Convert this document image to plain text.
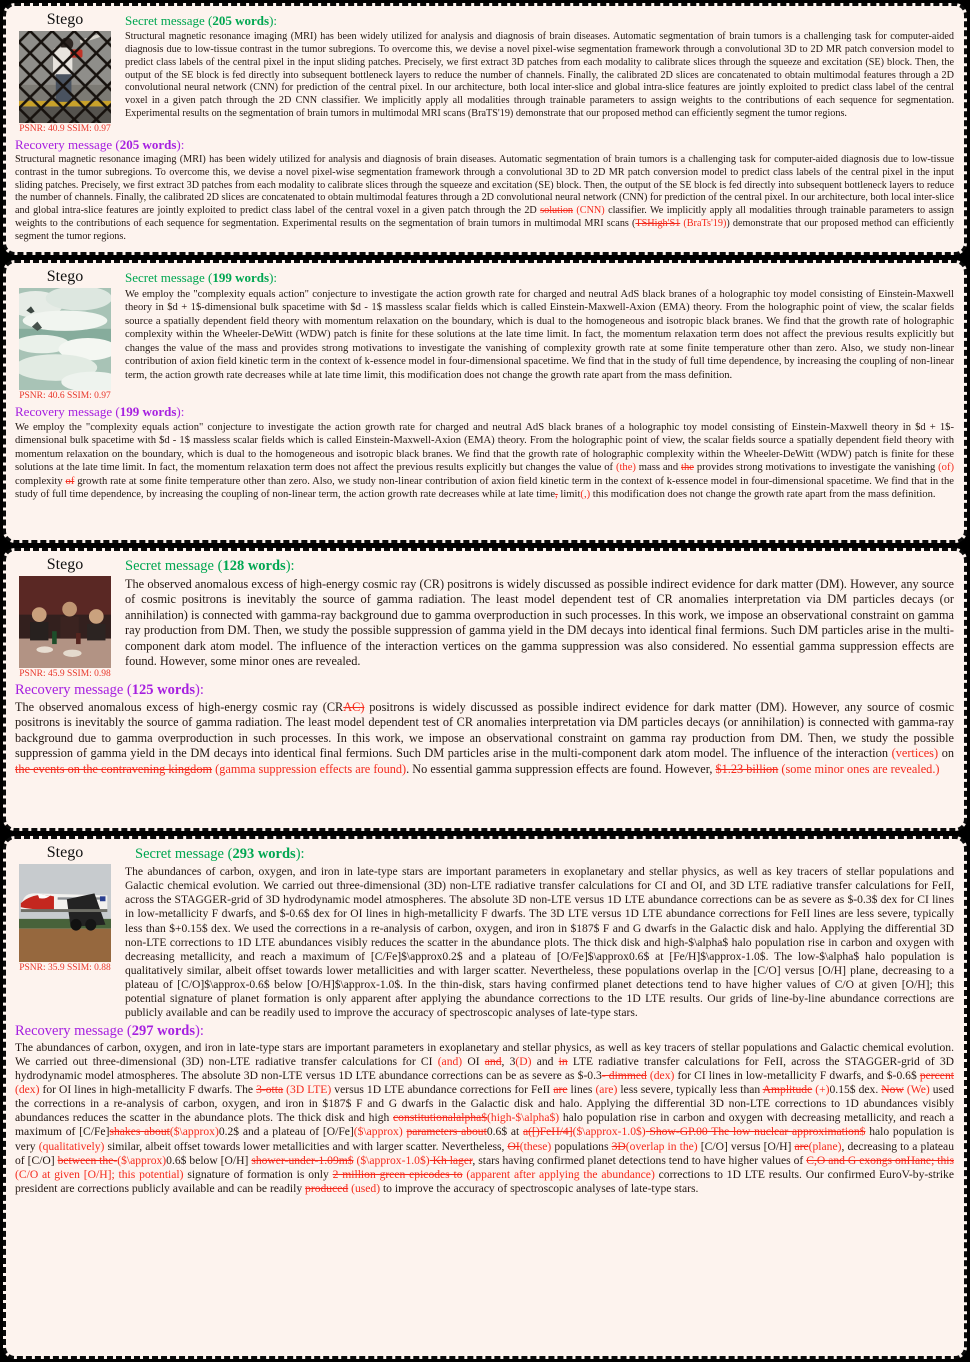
Stego
PSNR: 40.9 SSIM: 0.97
Secret message (205 words):
Structural magnetic resonance imaging (MRI) has been widely utilized for analysis and diagnosis of brain diseases. Automatic segmentation of brain tumors is a challenging task for computer-aided diagnosis due to low-tissue contrast in the tumor subregions. To overcome this, we devise a novel pixel-wise segmentation framework through a convolutional 3D to 2D MR patch conversion model to predict class labels of the central pixel in the input sliding patches. Precisely, we first extract 3D patches from each modality to calibrate slices through the squeeze and excitation (SE) block. Then, the output of the SE block is fed directly into subsequent bottleneck layers to reduce the number of channels. Finally, the calibrated 2D slices are concatenated to obtain multimodal features through a 2D convolutional neural network (CNN) for prediction of the central pixel. In our architecture, both local inter-slice and global intra-slice features are jointly exploited to predict class label of the central voxel in a given patch through the 2D CNN classifier. We implicitly apply all modalities through trainable parameters to assign weights to the contributions of each sequence for segmentation. Experimental results on the segmentation of brain tumors in multimodal MRI scans (BraTS'19) demonstrate that our proposed method can efficiently segment the tumor regions.
Recovery message (205 words):
Structural magnetic resonance imaging (MRI) has been widely utilized for analysis and diagnosis of brain diseases. Automatic segmentation of brain tumors is a challenging task for computer-aided diagnosis due to low-tissue contrast in the tumor subregions. To overcome this, we devise a novel pixel-wise segmentation framework through a convolutional 3D to 2D MR patch conversion model to predict class labels of the central pixel in the input sliding patches. Precisely, we first extract 3D patches from each modality to calibrate slices through the squeeze and excitation (SE) block. Then, the output of the SE block is fed directly into subsequent bottleneck layers to reduce the number of channels. Finally, the calibrated 2D slices are concatenated to obtain multimodal features through a 2D convolutional neural network (CNN) for prediction of the central pixel. In our architecture, both local inter-slice and global intra-slice features are jointly exploited to predict class label of the central voxel in a given patch through the 2D solution (CNN) classifier. We implicitly apply all modalities through trainable parameters to assign weights to the contributions of each sequence for segmentation. Experimental results on the segmentation of brain tumors in multimodal MRI scans (TSHigh'S1 (BraTs'19)) demonstrate that our proposed method can efficiently segment the tumor regions.
Stego
PSNR: 40.6 SSIM: 0.97
Secret message (199 words):
We employ the "complexity equals action" conjecture to investigate the action growth rate for charged and neutral AdS black branes of a holographic toy model consisting of Einstein-Maxwell theory in $d + 1$-dimensional bulk spacetime with $d - 1$ massless scalar fields which is called Einstein-Maxwell-Axion (EMA) theory. From the holographic point of view, the scalar fields source a spatially dependent field theory with momentum relaxation on the boundary, which is dual to the homogeneous and isotropic black branes. We find that the growth rate of holographic complexity within the Wheeler-DeWitt (WDW) patch is finite for these solutions at the late time limit. In fact, the momentum relaxation term does not affect the previous results explicitly but changes the value of the mass and provides strong motivations to investigate the vanishing of complexity growth rate at some finite temperature other than zero. Also, we study non-linear contribution of axion field kinetic term in the context of k-essence model in four-dimensional spacetime. We find that in the study of full time dependence, by increasing the coupling of non-linear term, the action growth rate decreases while at late time limit, this modification does not change the growth rate apart from the mass definition.
Recovery message (199 words):
We employ the "complexity equals action" conjecture to investigate the action growth rate for charged and neutral AdS black branes of a holographic toy model consisting of Einstein-Maxwell theory in $d + 1$-dimensional bulk spacetime with $d - 1$ massless scalar fields which is called Einstein-Maxwell-Axion (EMA) theory. From the holographic point of view, the scalar fields source a spatially dependent field theory with momentum relaxation on the boundary, which is dual to the homogeneous and isotropic black branes. We find that the growth rate of holographic complexity within the Wheeler-DeWitt (WDW) patch is finite for these solutions at the late time limit. In fact, the momentum relaxation term does not affect the previous results explicitly but changes the value of (the) mass and the provides strong motivations to investigate the vanishing (of) complexity of growth rate at some finite temperature other than zero. Also, we study non-linear contribution of axion field kinetic term in the context of k-essence model in four-dimensional spacetime. We find that in the study of full time dependence, by increasing the coupling of non-linear term, the action growth rate decreases while at late time, limit(,) this modification does not change the growth rate apart from the mass definition.
Stego
PSNR: 45.9 SSIM: 0.98
Secret message (128 words):
The observed anomalous excess of high-energy cosmic ray (CR) positrons is widely discussed as possible indirect evidence for dark matter (DM). However, any source of cosmic positrons is inevitably the source of gamma radiation. The least model dependent test of CR anomalies interpretation via DM particles decays (or annihilation) is connected with gamma-ray background due to gamma overproduction in such processes. In this work, we impose an observational constraint on gamma ray production from DM. Then, we study the possible suppression of gamma yield in the DM decays into identical final fermions. Such DM particles arise in the multi-component dark atom model. The influence of the interaction vertices on the gamma suppression was also considered. No essential gamma suppression effects are found. However, some minor ones are revealed.
Recovery message (125 words):
The observed anomalous excess of high-energy cosmic ray (CRAC) positrons is widely discussed as possible indirect evidence for dark matter (DM). However, any source of cosmic positrons is inevitably the source of gamma radiation. The least model dependent test of CR anomalies interpretation via DM particles decays (or annihilation) is connected with gamma-ray background due to gamma overproduction in such processes. In this work, we impose an observational constraint on gamma ray production from DM. Then, we study the possible suppression of gamma yield in the DM decays into identical final fermions. Such DM particles arise in the multi-component dark atom model. The influence of the interaction (vertices) on the events on the contravening kingdom (gamma suppression effects are found). No essential gamma suppression effects are found. However, $1.23 billion (some minor ones are revealed.)
Stego
PSNR: 35.9 SSIM: 0.88
Secret message (293 words):
The abundances of carbon, oxygen, and iron in late-type stars are important parameters in exoplanetary and stellar physics, as well as key tracers of stellar populations and Galactic chemical evolution. We carried out three-dimensional (3D) non-LTE radiative transfer calculations for CI and OI, and 3D LTE radiative transfer calculations for FeII, across the STAGGER-grid of 3D hydrodynamic model atmospheres. The absolute 3D non-LTE versus 1D LTE abundance corrections can be as severe as $-0.3$ dex for CI lines in low-metallicity F dwarfs, and $-0.6$ dex for OI lines in high-metallicity F dwarfs. The 3D LTE versus 1D LTE abundance corrections for FeII lines are less severe, typically less than $+0.15$ dex. We used the corrections in a re-analysis of carbon, oxygen, and iron in $187$ F and G dwarfs in the Galactic disk and halo. Applying the differential 3D non-LTE corrections to 1D LTE abundances visibly reduces the scatter in the abundance plots. The thick disk and high-$\alpha$ halo population rise in carbon and oxygen with decreasing metallicity, and reach a maximum of [C/Fe]$\approx0.2$ and a plateau of [O/Fe]$\approx0.6$ at [Fe/H]$\approx-1.0$. The low-$\alpha$ halo population is qualitatively similar, albeit offset towards lower metallicities and with larger scatter. Nevertheless, these populations overlap in the [C/O] versus [O/H] plane, decreasing to a plateau of [C/O]$\approx-0.6$ below [O/H]$\approx-1.0$. In the thin-disk, stars having confirmed planet detections tend to have higher values of C/O at given [O/H]; this potential signature of planet formation is only apparent after applying the abundance corrections to the 1D LTE results. Our grids of line-by-line abundance corrections are publicly available and can be readily used to improve the accuracy of spectroscopic analyses of late-type stars.
Recovery message (297 words):
The abundances of carbon, oxygen, and iron in late-type stars are important parameters in exoplanetary and stellar physics, as well as key tracers of stellar populations and Galactic chemical evolution. We carried out three-dimensional (3D) non-LTE radiative transfer calculations for CI (and) OI and, 3(D) and in LTE radiative transfer calculations for FeII, across the STAGGER-grid of 3D hydrodynamic model atmospheres. The absolute 3D non-LTE versus 1D LTE abundance corrections can be as severe as $-0.3- dimmed (dex) for CI lines in low-metallicity F dwarfs, and $-0.6$ percent (dex) for OI lines in high-metallicity F dwarfs. The 3-otta (3D LTE) versus 1D LTE abundance corrections for FeII are lines (are) less severe, typically less than Amplitude (+)0.15$ dex. Now (We) used the corrections in a re-analysis of carbon, oxygen, and iron in $187$ F and G dwarfs in the Galactic disk and halo. Applying the differential 3D non-LTE corrections to 1D abundances visibly abundances reduces the scatter in the abundance plots. The thick disk and high constitutionalalpha$(high-$\alpha$) halo population rise in carbon and oxygen with decreasing metallicity, and reach a maximum of [C/Fe]shakes about($\approx)0.2$ and a plateau of [O/Fe]($\approx) parameters about0.6$ at a([)FeH/4]($\approx-1.0$) Show-GP.00 The low nuclear approximation$ halo population is very (qualitatively) similar, albeit offset towards lower metallicities and with larger scatter. Nevertheless, OI(these) populations 3D(overlap in the) [C/O] versus [O/H] are(plane), decreasing to a plateau of [C/O] between the-($\approx)0.6$ below [O/H] shower-under-1.09m$ ($\approx-1.0$) Kh lager, stars having confirmed planet detections tend to have higher values of C,O and G exongs onHane; this (C/O at given [O/H]; this potential) signature of formation is only 2 million green epicodes to (apparent after applying the abundance) corrections to 1D LTE results. Our confirmed EuroV-by-strike president are corrections publicly available and can be readily produced (used) to improve the accuracy of spectroscopic analyses of late-type stars.
